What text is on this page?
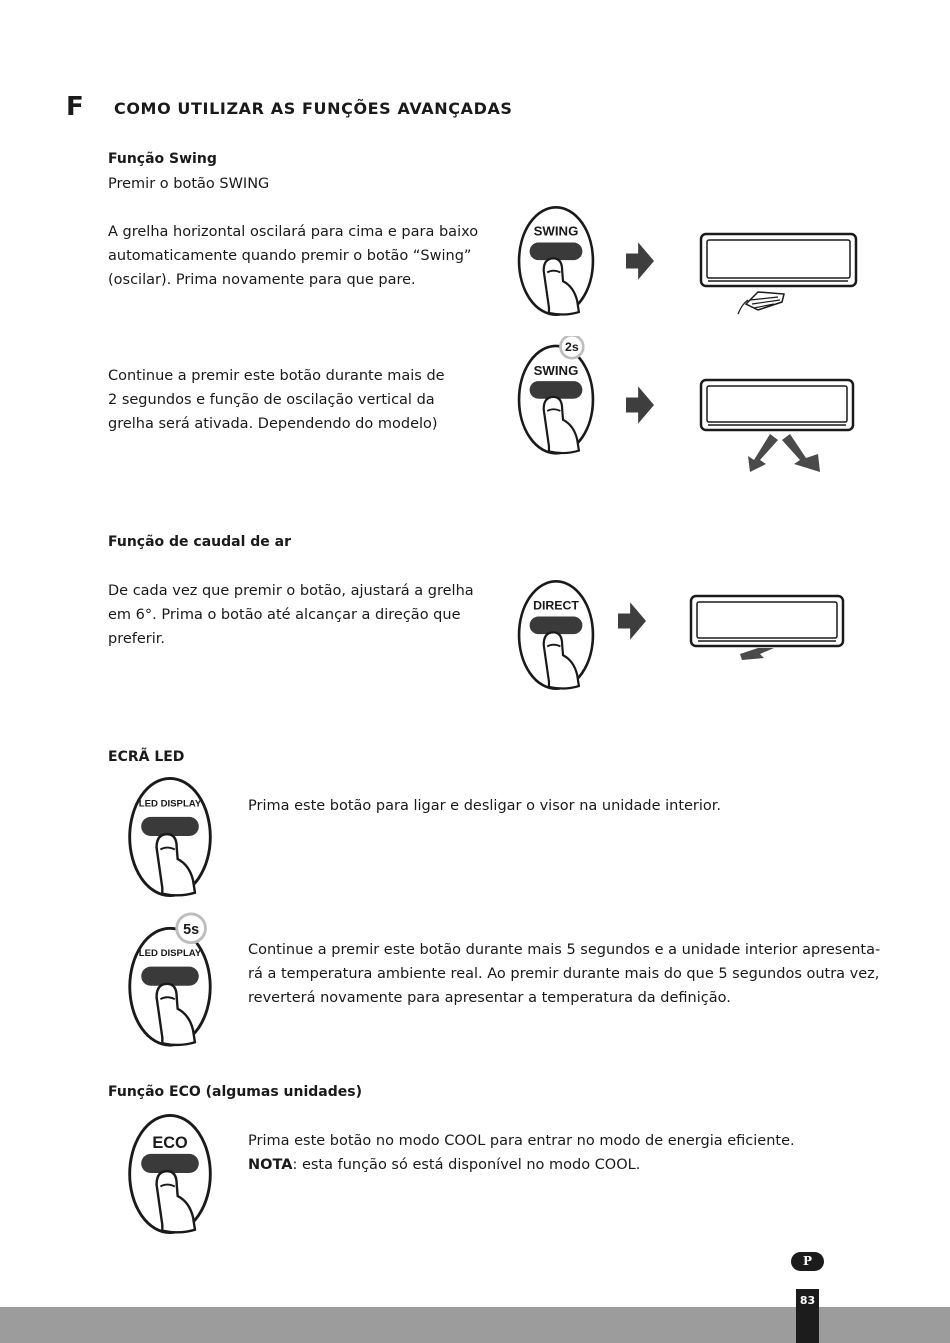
F COMO UTILIZAR AS FUNÇÕES AVANÇADAS
Função Swing
Premir o botão SWING

A grelha horizontal oscilará para cima e para baixo

automaticamente quando premir o botão “Swing”

(oscilar). Prima novamente para que pare.

Continue a premir este botão durante mais de

2 segundos e função de oscilação vertical da

grelha será ativada. Dependendo do modelo)

SWING
2s
SWING
Função de caudal de ar

De cada vez que premir o botão, ajustará a grelha

em 6°. Prima o botão até alcançar a direção que

preferir.

DIRECT
ECRÃ LED
LED DISPLAY	Prima este botão para ligar e desligar o visor na unidade interior.
5s
LED DISPLAY	Continue a premir este botão durante mais 5 segundos e a unidade interior apresenta-

rá a temperatura ambiente real. Ao premir durante mais do que 5 segundos outra vez,

reverterá novamente para apresentar a temperatura da definição.

Função ECO (algumas unidades)
ECO	Prima este botão no modo COOL para entrar no modo de energia eficiente.

NOTA: esta função só está disponível no modo COOL.

P
83
